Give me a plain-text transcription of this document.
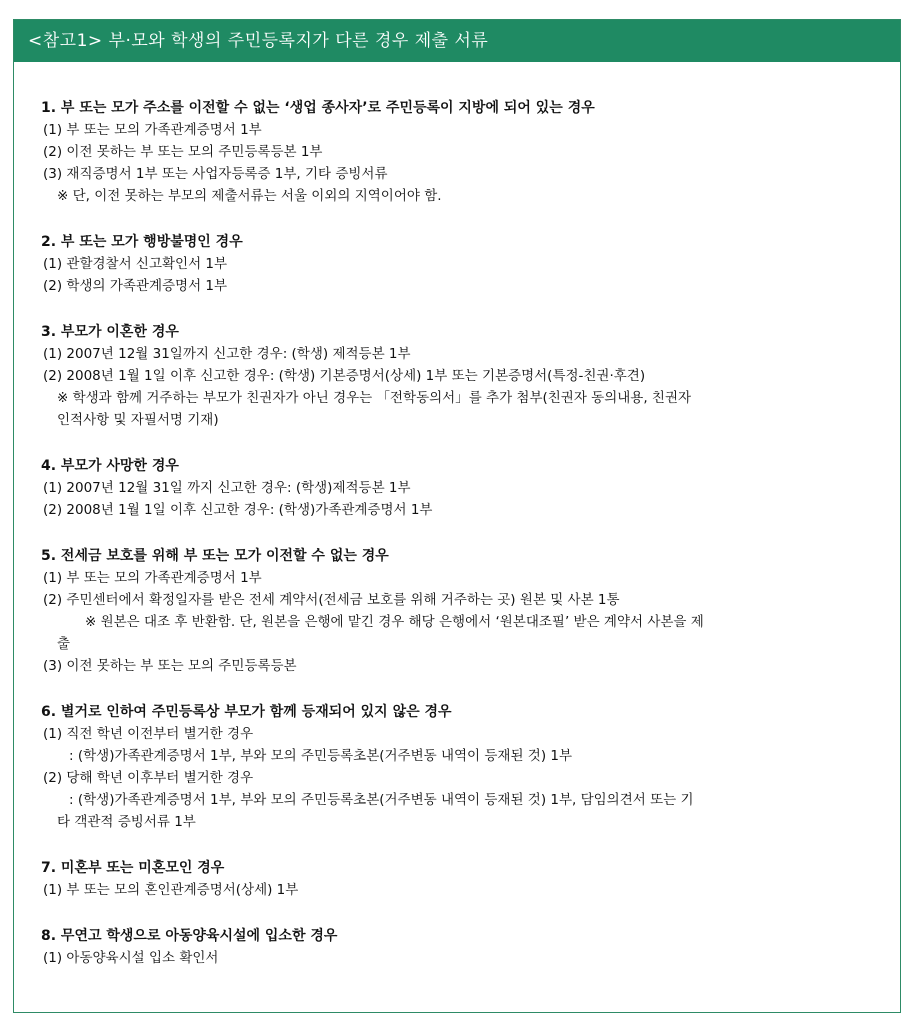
<참고1> 부·모와 학생의 주민등록지가 다른 경우 제출 서류
1. 부 또는 모가 주소를 이전할 수 없는 ‘생업 종사자’로 주민등록이 지방에 되어 있는 경우
(1) 부 또는 모의 가족관계증명서 1부
(2) 이전 못하는 부 또는 모의 주민등록등본 1부
(3) 재직증명서 1부 또는 사업자등록증 1부, 기타 증빙서류
※ 단, 이전 못하는 부모의 제출서류는 서울 이외의 지역이어야 함.
2. 부 또는 모가 행방불명인 경우
(1) 관할경찰서 신고확인서 1부
(2) 학생의 가족관계증명서 1부
3. 부모가 이혼한 경우
(1) 2007년 12월 31일까지 신고한 경우: (학생) 제적등본 1부
(2) 2008년 1월 1일 이후 신고한 경우: (학생) 기본증명서(상세) 1부 또는 기본증명서(특정-친권·후견)
※ 학생과 함께 거주하는 부모가 친권자가 아닌 경우는 「전학동의서」를 추가 첨부(친권자 동의내용, 친권자
인적사항 및 자필서명 기재)
4. 부모가 사망한 경우
(1) 2007년 12월 31일 까지 신고한 경우: (학생)제적등본 1부
(2) 2008년 1월 1일 이후 신고한 경우: (학생)가족관계증명서 1부
5. 전세금 보호를 위해 부 또는 모가 이전할 수 없는 경우
(1) 부 또는 모의 가족관계증명서 1부
(2) 주민센터에서 확정일자를 받은 전세 계약서(전세금 보호를 위해 거주하는 곳) 원본 및 사본 1통
※ 원본은 대조 후 반환함. 단, 원본을 은행에 맡긴 경우 해당 은행에서 ‘원본대조필’ 받은 계약서 사본을 제
출
(3) 이전 못하는 부 또는 모의 주민등록등본
6. 별거로 인하여 주민등록상 부모가 함께 등재되어 있지 않은 경우
(1) 직전 학년 이전부터 별거한 경우
: (학생)가족관계증명서 1부, 부와 모의 주민등록초본(거주변동 내역이 등재된 것) 1부
(2) 당해 학년 이후부터 별거한 경우
: (학생)가족관계증명서 1부, 부와 모의 주민등록초본(거주변동 내역이 등재된 것) 1부, 담임의견서 또는 기
타 객관적 증빙서류 1부
7. 미혼부 또는 미혼모인 경우
(1) 부 또는 모의 혼인관계증명서(상세) 1부
8. 무연고 학생으로 아동양육시설에 입소한 경우
(1) 아동양육시설 입소 확인서
